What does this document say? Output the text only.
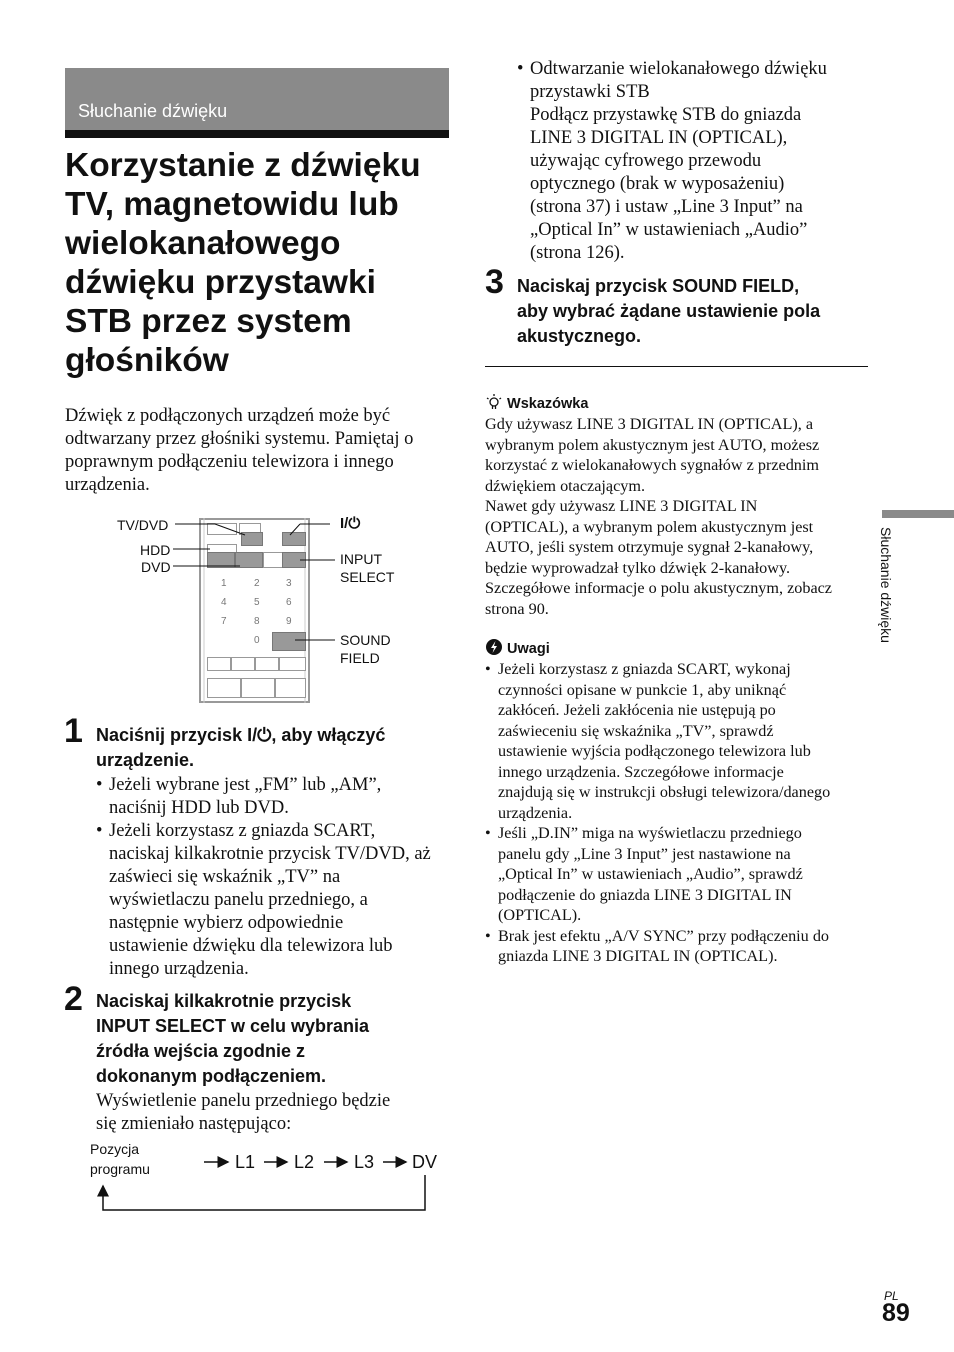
Słuchanie dźwięku
Korzystanie z dźwięku
TV, magnetowidu lub
wielokanałowego
dźwięku przystawki
STB przez system
głośników
Dźwięk z podłączonych urządzeń może być
odtwarzany przez głośniki systemu. Pamiętaj o
poprawnym podłączeniu telewizora i innego
urządzenia.
1	2	3
4	5	6
7	8	9
0
TV/DVD
HDD
DVD
I/⏻
INPUT
SELECT
SOUND
FIELD
1 Naciśnij przycisk I/⏻, aby włączyć
urządzenie.
• Jeżeli wybrane jest „FM” lub „AM”,
naciśnij HDD lub DVD.
• Jeżeli korzystasz z gniazda SCART,
naciskaj kilkakrotnie przycisk TV/DVD, aż
zaświeci się wskaźnik „TV” na
wyświetlaczu panelu przedniego, a
następnie wybierz odpowiednie
ustawienie dźwięku dla telewizora lub
innego urządzenia.
2 Naciskaj kilkakrotnie przycisk
INPUT SELECT w celu wybrania
źródła wejścia zgodnie z
dokonanym podłączeniem.
Wyświetlenie panelu przedniego będzie
się zmieniało następująco:
Pozycja
programu	L1 L2 L3 DV
• Odtwarzanie wielokanałowego dźwięku
przystawki STB
Podłącz przystawkę STB do gniazda
LINE 3 DIGITAL IN (OPTICAL),
używając cyfrowego przewodu
optycznego (brak w wyposażeniu)
(strona 37) i ustaw „Line 3 Input” na
„Optical In” w ustawieniach „Audio”
(strona 126).
3 Naciskaj przycisk SOUND FIELD,
aby wybrać żądane ustawienie pola
akustycznego.
Wskazówka
Gdy używasz LINE 3 DIGITAL IN (OPTICAL), a
wybranym polem akustycznym jest AUTO, możesz
korzystać z wielokanałowych sygnałów z przednim
dźwiękiem otaczającym.
Nawet gdy używasz LINE 3 DIGITAL IN
(OPTICAL), a wybranym polem akustycznym jest
AUTO, jeśli system otrzymuje sygnał 2-kanałowy,
będzie wyprowadzał tylko dźwięk 2-kanałowy.
Szczegółowe informacje o polu akustycznym, zobacz
strona 90.
Uwagi
• Jeżeli korzystasz z gniazda SCART, wykonaj
czynności opisane w punkcie 1, aby uniknąć
zakłóceń. Jeżeli zakłócenia nie ustępują po
zaświeceniu się wskaźnika „TV”, sprawdź
ustawienie wyjścia podłączonego telewizora lub
innego urządzenia. Szczegółowe informacje
znajdują się w instrukcji obsługi telewizora/danego
urządzenia.
• Jeśli „D.IN” miga na wyświetlaczu przedniego
panelu gdy „Line 3 Input” jest nastawione na
„Optical In” w ustawieniach „Audio”, sprawdź
podłączenie do gniazda LINE 3 DIGITAL IN
(OPTICAL).
• Brak jest efektu „A/V SYNC” przy podłączeniu do
gniazda LINE 3 DIGITAL IN (OPTICAL).
Słuchanie dźwięku
PL
89
